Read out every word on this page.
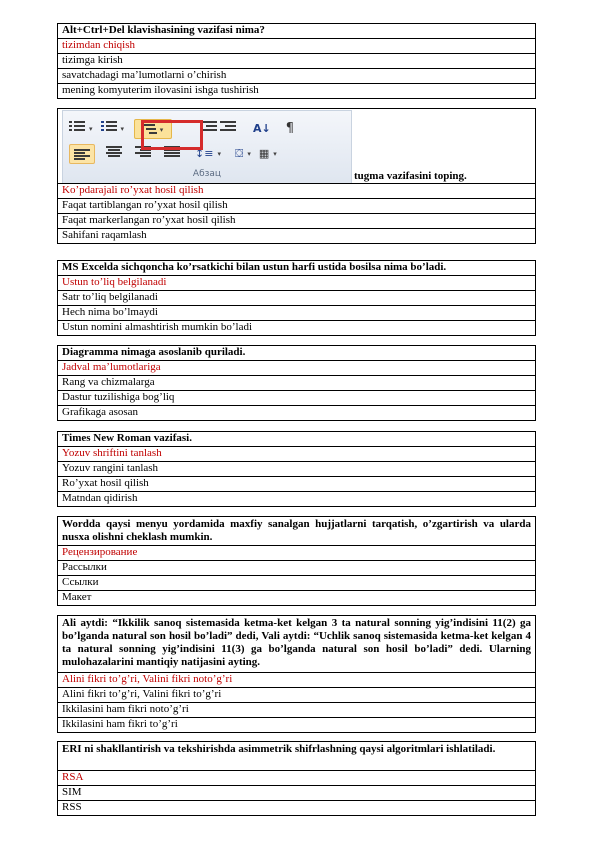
Alt+Ctrl+Del klavishasining vazifasi nima?
tizimdan chiqish
tizimga kirish
savatchadagi ma’lumotlarni o’chirish
mening komyuterim ilovasini ishga tushirish
▾	▾	▾	A↓ ¶
↕≡ ▾ ⛋ ▾ ▦ ▾
Абзац	tugma vazifasini toping.

Ko’pdarajali ro’yxat hosil qilish
Faqat tartiblangan ro’yxat hosil qilish
Faqat markerlangan ro’yxat hosil qilish
Sahifani raqamlash
MS Excelda sichqoncha ko’rsatkichi bilan ustun harfi ustida bosilsa nima bo’ladi.
Ustun to’liq belgilanadi
Satr to’liq belgilanadi
Hech nima bo’lmaydi
Ustun nomini almashtirish mumkin bo’ladi
Diagramma nimaga asoslanib quriladi.
Jadval ma’lumotlariga
Rang va chizmalarga
Dastur tuzilishiga bog’liq
Grafikaga asosan
Times New Roman vazifasi.
Yozuv shriftini tanlash
Yozuv rangini tanlash
Ro’yxat hosil qilish
Matndan qidirish
Wordda qaysi menyu yordamida maxfiy sanalgan hujjatlarni tarqatish, o’zgartirish va ularda nusxa olishni cheklash mumkin.
Рецензирование
Рассылки
Ссылки
Макет
Ali aytdi: “Ikkilik sanoq sistemasida ketma-ket kelgan 3 ta natural sonning yig’indisini 11(2) ga bo’lganda natural son hosil bo’ladi” dedi, Vali aytdi: “Uchlik sanoq sistemasida ketma-ket kelgan 4 ta natural sonning yig’indisini 11(3) ga bo’lganda natural son hosil bo’ladi” dedi. Ularning mulohazalarini mantiqiy natijasini ayting.
Alini fikri to’g’ri, Valini fikri noto’g’ri
Alini fikri to’g’ri, Valini fikri to’g’ri
Ikkilasini ham fikri noto’g’ri
Ikkilasini ham fikri to’g’ri
ERI ni shakllantirish va tekshirishda asimmetrik shifrlashning qaysi algoritmlari ishlatiladi.
RSA
SIM
RSS
